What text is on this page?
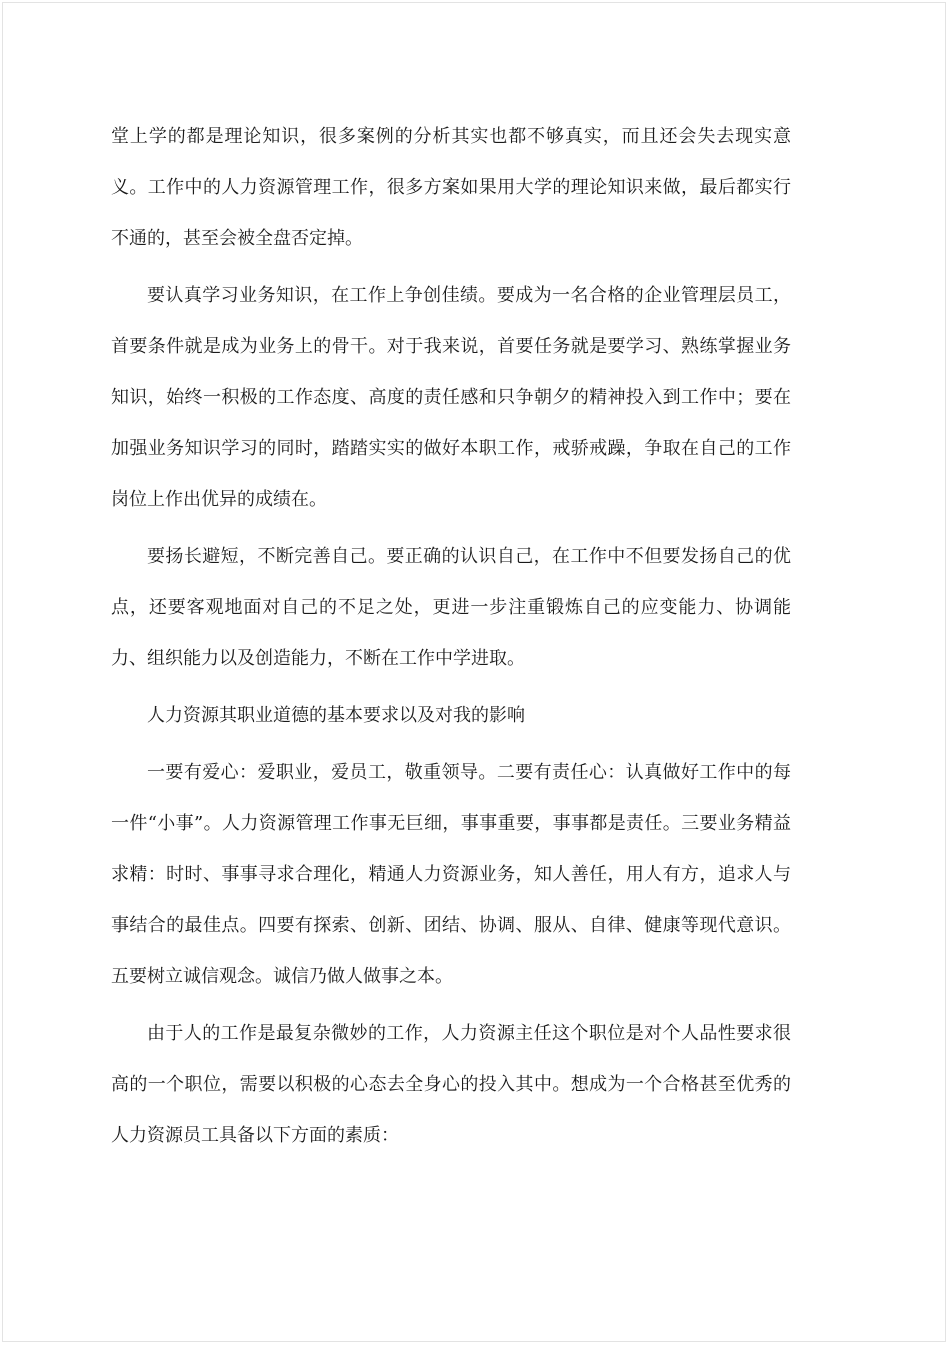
堂上学的都是理论知识，很多案例的分析其实也都不够真实，而且还会失去现实意义。工作中的人力资源管理工作，很多方案如果用大学的理论知识来做，最后都实行不通的，甚至会被全盘否定掉。

要认真学习业务知识，在工作上争创佳绩。要成为一名合格的企业管理层员工，首要条件就是成为业务上的骨干。对于我来说，首要任务就是要学习、熟练掌握业务知识，始终一积极的工作态度、高度的责任感和只争朝夕的精神投入到工作中；要在加强业务知识学习的同时，踏踏实实的做好本职工作，戒骄戒躁，争取在自己的工作岗位上作出优异的成绩在。

要扬长避短，不断完善自己。要正确的认识自己，在工作中不但要发扬自己的优点，还要客观地面对自己的不足之处，更进一步注重锻炼自己的应变能力、协调能力、组织能力以及创造能力，不断在工作中学进取。

人力资源其职业道德的基本要求以及对我的影响

一要有爱心：爱职业，爱员工，敬重领导。二要有责任心：认真做好工作中的每一件“小事”。人力资源管理工作事无巨细，事事重要，事事都是责任。三要业务精益求精：时时、事事寻求合理化，精通人力资源业务，知人善任，用人有方，追求人与事结合的最佳点。四要有探索、创新、团结、协调、服从、自律、健康等现代意识。五要树立诚信观念。诚信乃做人做事之本。

由于人的工作是最复杂微妙的工作，人力资源主任这个职位是对个人品性要求很高的一个职位，需要以积极的心态去全身心的投入其中。想成为一个合格甚至优秀的人力资源员工具备以下方面的素质：
